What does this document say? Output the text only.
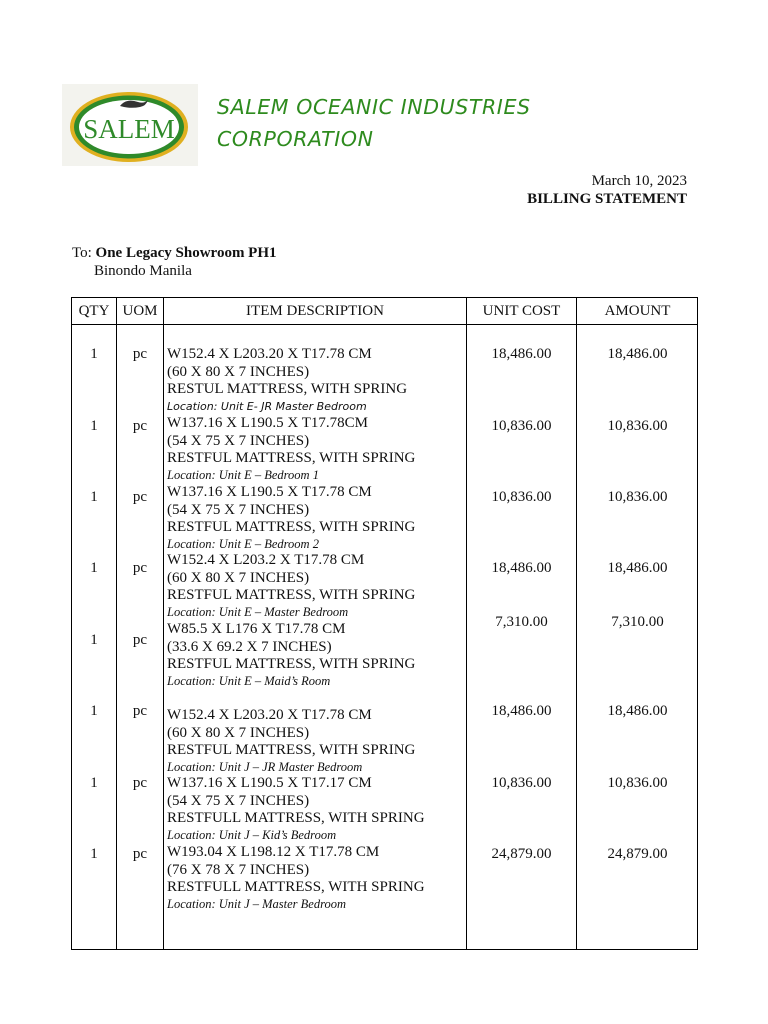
SALEM
SALEM OCEANIC INDUSTRIES
CORPORATION
March 10, 2023
BILLING STATEMENT
To: One Legacy Showroom PH1
Binondo Manila
QTY UOM	ITEM DESCRIPTION	UNIT COST	AMOUNT
1	pc	W152.4 X L203.20 X T17.78 CM
(60 X 80 X 7 INCHES)
RESTUL MATTRESS, WITH SPRING
Location: Unit E- JR Master Bedroom
18,486.00	18,486.00
1	pc	W137.16 X L190.5 X T17.78CM
(54 X 75 X 7 INCHES)
RESTFUL MATTRESS, WITH SPRING
Location: Unit E – Bedroom 1
10,836.00	10,836.00
1	pc	W137.16 X L190.5 X T17.78 CM
(54 X 75 X 7 INCHES)
RESTFUL MATTRESS, WITH SPRING
Location: Unit E – Bedroom 2
10,836.00	10,836.00
1	pc	W152.4 X L203.2 X T17.78 CM
(60 X 80 X 7 INCHES)
RESTFUL MATTRESS, WITH SPRING
Location: Unit E – Master Bedroom
18,486.00	18,486.00
1	pc
W85.5 X L176 X T17.78 CM
(33.6 X 69.2 X 7 INCHES)
RESTFUL MATTRESS, WITH SPRING
Location: Unit E – Maid’s Room
7,310.00	7,310.00
1	pc	W152.4 X L203.20 X T17.78 CM
(60 X 80 X 7 INCHES)
RESTFUL MATTRESS, WITH SPRING
Location: Unit J – JR Master Bedroom
18,486.00	18,486.00
1	pc	W137.16 X L190.5 X T17.17 CM
(54 X 75 X 7 INCHES)
RESTFULL MATTRESS, WITH SPRING
Location: Unit J – Kid’s Bedroom
10,836.00	10,836.00
1	pc	W193.04 X L198.12 X T17.78 CM
(76 X 78 X 7 INCHES)
RESTFULL MATTRESS, WITH SPRING
Location: Unit J – Master Bedroom
24,879.00	24,879.00
